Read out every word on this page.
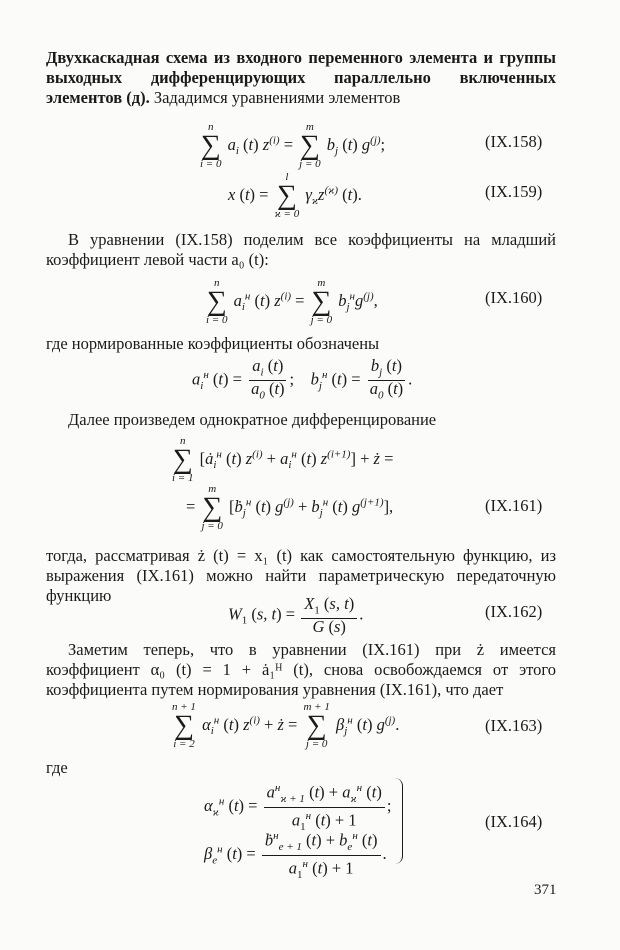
Двухкаскадная схема из входного переменного элемента и группы выходных дифференцирующих параллельно включенных элементов (д). Зададимся уравнениями элементов

n
∑
i = 0
$a_i$ (t) $z^{(i)}$ =
m
∑
j = 0
$b_j$ (t) $g^{(j)}$;	(IX.158)
x (t) =
l
∑
ϰ = 0
$\gamma_ϰz^{(ϰ)}$ (t).	(IX.159)

В уравнении (IX.158) поделим все коэффициенты на младший коэффициент левой части a₀ (t):

n
∑
i = 0
$a_i^н$ (t) $z^{(i)}$ =
m
∑
j = 0
$b_j^нg^{(j)}$,	(IX.160)

где нормированные коэффициенты обозначены

$a_i^н$ $(t) = \frac{a_i (t)}{a_0 (t)}$ ;    $b_j^н$ $(t) = \frac{b_j (t)}{a_0 (t)}$ .

Далее произведем однократное дифференцирование

n
∑
i = 1
[$ȧ_i^н$ (t) $z^{(i)} + a_i^н$ (t) $z^{(i+1)}$] + ż =
=
m
∑
j = 0
[ḃ$_j^н$ (t) $g^{(j)} + b_j^н$ (t) $g^{(j+1)}$],	(IX.161)

тогда, рассматривая ż (t) = x₁ (t) как самостоятельную функцию, из выражения (IX.161) можно найти параметрическую передаточную функцию

$W_1$ (s, $t) = \frac{X_1 (s, t)}{G (s)}$ .	(IX.162)

Заметим теперь, что в уравнении (IX.161) при ż имеется коэффициент α₀ (t) = 1 + ȧ₁ᴴ (t), снова освобождаемся от этого коэффициента путем нормирования уравнения (IX.161), что дает

n + 1
∑
i = 2
$\alpha_i^н$ (t) $z^{(i)}$ + ż =
m + 1
∑
j = 0
$\beta_j^н$ (t) $g^{(j)}$.	(IX.163)

где

$\alpha_ϰ^н$ $(t) = \frac{a^н_{ϰ + 1} (t) + a_ϰ^н (t)}{a_1^н (t) + 1}$ ;
$\beta_e^н$ $(t) = \frac{ḃ^н_{e + 1} (t) + b_e^н (t)}{a_1^н (t) + 1}$ .
(IX.164)
371
